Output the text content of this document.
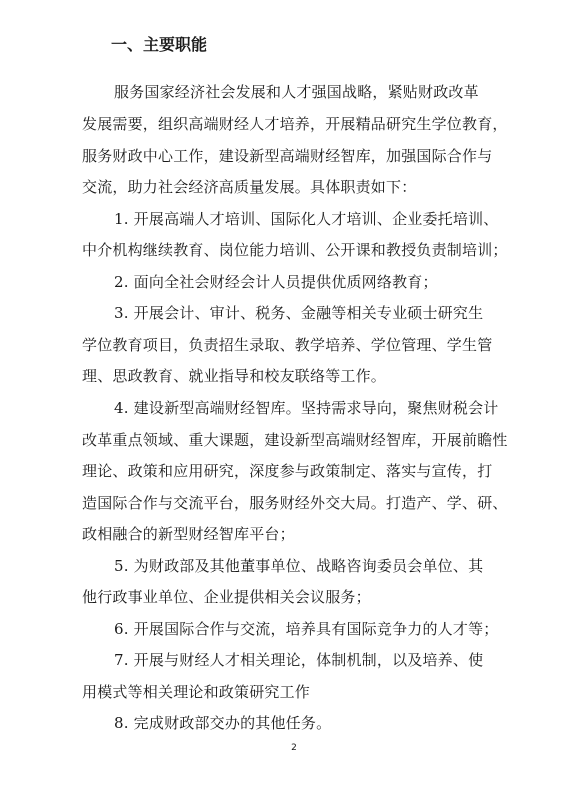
一、主要职能
服务国家经济社会发展和人才强国战略，紧贴财政改革
发展需要，组织高端财经人才培养，开展精品研究生学位教育，
服务财政中心工作，建设新型高端财经智库，加强国际合作与
交流，助力社会经济高质量发展。具体职责如下：
1. 开展高端人才培训、国际化人才培训、企业委托培训、
中介机构继续教育、岗位能力培训、公开课和教授负责制培训；
2. 面向全社会财经会计人员提供优质网络教育；
3. 开展会计、审计、税务、金融等相关专业硕士研究生
学位教育项目，负责招生录取、教学培养、学位管理、学生管
理、思政教育、就业指导和校友联络等工作。
4. 建设新型高端财经智库。坚持需求导向，聚焦财税会计
改革重点领域、重大课题，建设新型高端财经智库，开展前瞻性
理论、政策和应用研究，深度参与政策制定、落实与宣传，打
造国际合作与交流平台，服务财经外交大局。打造产、学、研、
政相融合的新型财经智库平台；
5. 为财政部及其他董事单位、战略咨询委员会单位、其
他行政事业单位、企业提供相关会议服务；
6. 开展国际合作与交流，培养具有国际竞争力的人才等；
7. 开展与财经人才相关理论，体制机制，以及培养、使
用模式等相关理论和政策研究工作
8. 完成财政部交办的其他任务。
2
